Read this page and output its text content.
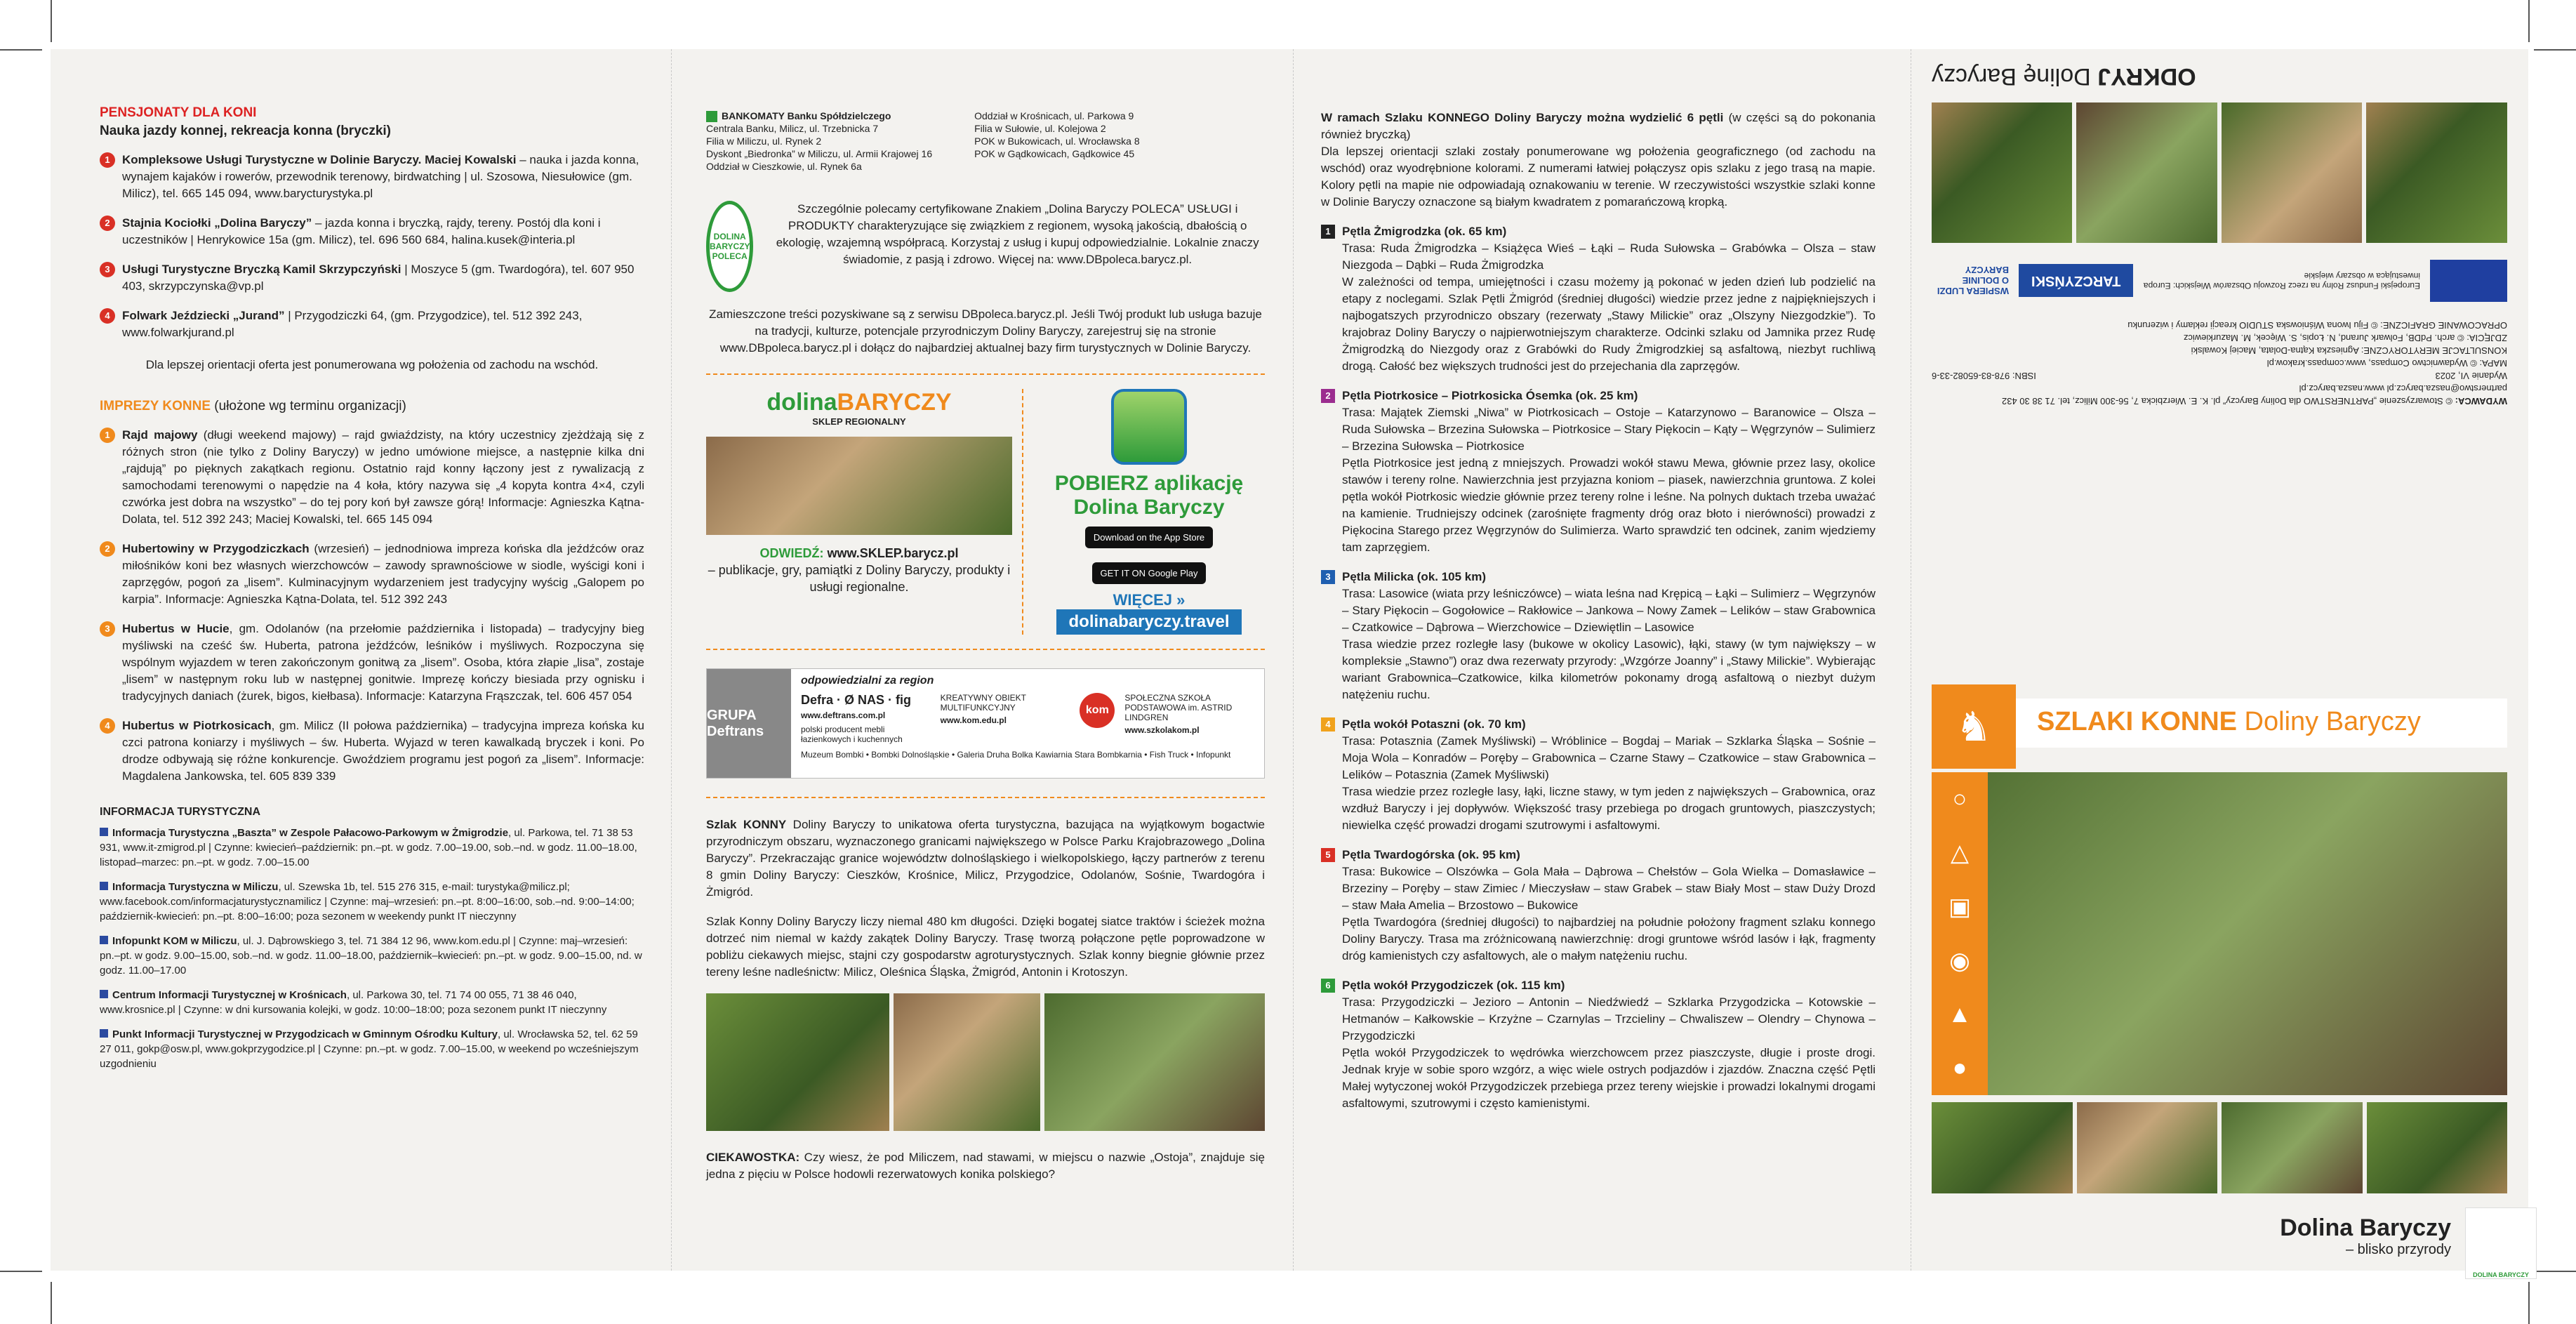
PENSJONATY DLA KONI
Nauka jazdy konnej, rekreacja konna (bryczki)
1	Kompleksowe Usługi Turystyczne w Dolinie Baryczy. Maciej Kowalski – nauka i jazda konna, wynajem kajaków i rowerów, przewodnik terenowy, birdwatching | ul. Szosowa, Niesułowice (gm. Milicz), tel. 665 145 094, www.barycturystyka.pl
2	Stajnia Kociołki „Dolina Baryczy” – jazda konna i bryczką, rajdy, tereny. Postój dla koni i uczestników | Henrykowice 15a (gm. Milicz), tel. 696 560 684, halina.kusek@interia.pl
3	Usługi Turystyczne Bryczką Kamil Skrzypczyński | Moszyce 5 (gm. Twardogóra), tel. 607 950 403, skrzypczynska@vp.pl
4	Folwark Jeździecki „Jurand” | Przygodziczki 64, (gm. Przygodzice), tel. 512 392 243, www.folwarkjurand.pl
Dla lepszej orientacji oferta jest ponumerowana wg położenia od zachodu na wschód.
IMPREZY KONNE (ułożone wg terminu organizacji)
1	Rajd majowy (długi weekend majowy) – rajd gwiaździsty, na który uczestnicy zjeżdżają się z różnych stron (nie tylko z Doliny Baryczy) w jedno umówione miejsce, a następnie kilka dni „rajdują” po pięknych zakątkach regionu. Ostatnio rajd konny łączony jest z rywalizacją z samochodami terenowymi o napędzie na 4 koła, który nazywa się „4 kopyta kontra 4×4, czyli czwórka jest dobra na wszystko” – do tej pory koń był zawsze górą! Informacje: Agnieszka Kątna-Dolata, tel. 512 392 243; Maciej Kowalski, tel. 665 145 094
2	Hubertowiny w Przygodziczkach (wrzesień) – jednodniowa impreza końska dla jeźdźców oraz miłośników koni bez własnych wierzchowców – zawody sprawnościowe w siodle, wyścigi koni i zaprzęgów, pogoń za „lisem”. Kulminacyjnym wydarzeniem jest tradycyjny wyścig „Galopem po karpia”. Informacje: Agnieszka Kątna-Dolata, tel. 512 392 243
3	Hubertus w Hucie, gm. Odolanów (na przełomie października i listopada) – tradycyjny bieg myśliwski na cześć św. Huberta, patrona jeźdźców, leśników i myśliwych. Rozpoczyna się wspólnym wyjazdem w teren zakończonym gonitwą za „lisem”. Osoba, która złapie „lisa”, zostaje „lisem” w następnym roku lub w następnej gonitwie. Imprezę kończy biesiada przy ognisku i tradycyjnych daniach (żurek, bigos, kiełbasa). Informacje: Katarzyna Frąszczak, tel. 606 457 054
4	Hubertus w Piotrkosicach, gm. Milicz (II połowa października) – tradycyjna impreza końska ku czci patrona koniarzy i myśliwych – św. Huberta. Wyjazd w teren kawalkadą bryczek i koni. Po drodze odbywają się różne konkurencje. Gwoździem programu jest pogoń za „lisem”. Informacje: Magdalena Jankowska, tel. 605 839 339
INFORMACJA TURYSTYCZNA
Informacja Turystyczna „Baszta” w Zespole Pałacowo-Parkowym w Żmigrodzie, ul. Parkowa, tel. 71 38 53 931, www.it-zmigrod.pl | Czynne: kwiecień–październik: pn.–pt. w godz. 7.00–19.00, sob.–nd. w godz. 11.00–18.00, listopad–marzec: pn.–pt. w godz. 7.00–15.00
Informacja Turystyczna w Miliczu, ul. Szewska 1b, tel. 515 276 315, e-mail: turystyka@milicz.pl; www.facebook.com/informacjaturystycznamilicz | Czynne: maj–wrzesień: pn.–pt. 8:00–16:00, sob.–nd. 9:00–14:00; październik-kwiecień: pn.–pt. 8:00–16:00; poza sezonem w weekendy punkt IT nieczynny
Infopunkt KOM w Miliczu, ul. J. Dąbrowskiego 3, tel. 71 384 12 96, www.kom.edu.pl | Czynne: maj–wrzesień: pn.–pt. w godz. 9.00–15.00, sob.–nd. w godz. 11.00–18.00, październik–kwiecień: pn.–pt. w godz. 9.00–15.00, nd. w godz. 11.00–17.00
Centrum Informacji Turystycznej w Krośnicach, ul. Parkowa 30, tel. 71 74 00 055, 71 38 46 040, www.krosnice.pl | Czynne: w dni kursowania kolejki, w godz. 10:00–18:00; poza sezonem punkt IT nieczynny
Punkt Informacji Turystycznej w Przygodzicach w Gminnym Ośrodku Kultury, ul. Wrocławska 52, tel. 62 59 27 011, gokp@osw.pl, www.gokprzygodzice.pl | Czynne: pn.–pt. w godz. 7.00–15.00, w weekend po wcześniejszym uzgodnieniu
BANKOMATY Banku Spółdzielczego
Centrala Banku, Milicz, ul. Trzebnicka 7
Filia w Miliczu, ul. Rynek 2
Dyskont „Biedronka” w Miliczu, ul. Armii Krajowej 16
Oddział w Cieszkowie, ul. Rynek 6a
Oddział w Krośnicach, ul. Parkowa 9
Filia w Sułowie, ul. Kolejowa 2
POK w Bukowicach, ul. Wrocławska 8
POK w Gądkowicach, Gądkowice 45
DOLINA BARYCZY POLECA
Szczególnie polecamy certyfikowane Znakiem „Dolina Baryczy POLECA” USŁUGI i PRODUKTY charakteryzujące się związkiem z regionem, wysoką jakością, dbałością o ekologię, wzajemną współpracą. Korzystaj z usług i kupuj odpowiedzialnie. Lokalnie znaczy świadomie, z pasją i zdrowo. Więcej na: www.DBpoleca.barycz.pl.
Zamieszczone treści pozyskiwane są z serwisu DBpoleca.barycz.pl. Jeśli Twój produkt lub usługa bazuje na tradycji, kulturze, potencjale przyrodniczym Doliny Baryczy, zarejestruj się na stronie www.DBpoleca.barycz.pl i dołącz do najbardziej aktualnej bazy firm turystycznych w Dolinie Baryczy.
dolinaBARYCZY
SKLEP REGIONALNY
ODWIEDŹ: www.SKLEP.barycz.pl
– publikacje, gry, pamiątki z Doliny Baryczy, produkty i usługi regionalne.
POBIERZ aplikację Dolina Baryczy
Download on the App StoreGET IT ON Google Play
WIĘCEJ »
dolinabaryczy.travel
GRUPA Deftrans
odpowiedzialni za region
Defra · Ø NAS · fig
www.deftrans.com.pl
polski producent mebli łazienkowych i kuchennych
KREATYWNY OBIEKT MULTIFUNKCYJNY
www.kom.edu.pl
kom
SPOŁECZNA SZKOŁA PODSTAWOWA im. ASTRID LINDGREN
www.szkolakom.pl
Muzeum Bombki • Bombki Dolnośląskie • Galeria Druha Bolka Kawiarnia Stara Bombkarnia • Fish Truck • Infopunkt
Szlak KONNY Doliny Baryczy to unikatowa oferta turystyczna, bazująca na wyjątkowym bogactwie przyrodniczym obszaru, wyznaczonego granicami największego w Polsce Parku Krajobrazowego „Dolina Baryczy”. Przekraczając granice województw dolnośląskiego i wielkopolskiego, łączy partnerów z terenu 8 gmin Doliny Baryczy: Cieszków, Krośnice, Milicz, Przygodzice, Odolanów, Sośnie, Twardogóra i Żmigród.
Szlak Konny Doliny Baryczy liczy niemal 480 km długości. Dzięki bogatej siatce traktów i ścieżek można dotrzeć nim niemal w każdy zakątek Doliny Baryczy. Trasę tworzą połączone pętle poprowadzone w pobliżu ciekawych miejsc, stajni czy gospodarstw agroturystycznych. Szlak konny biegnie głównie przez tereny leśne nadleśnictw: Milicz, Oleśnica Śląska, Żmigród, Antonin i Krotoszyn.
CIEKAWOSTKA: Czy wiesz, że pod Miliczem, nad stawami, w miejscu o nazwie „Ostoja”, znajduje się jedna z pięciu w Polsce hodowli rezerwatowych konika polskiego?
W ramach Szlaku KONNEGO Doliny Baryczy można wydzielić 6 pętli (w części są do pokonania również bryczką)
Dla lepszej orientacji szlaki zostały ponumerowane wg położenia geograficznego (od zachodu na wschód) oraz wyodrębnione kolorami. Z numerami łatwiej połączysz opis szlaku z jego trasą na mapie. Kolory pętli na mapie nie odpowiadają oznakowaniu w terenie. W rzeczywistości wszystkie szlaki konne w Dolinie Baryczy oznaczone są białym kwadratem z pomarańczową kropką.
1 Pętla Żmigrodzka (ok. 65 km)
Trasa: Ruda Żmigrodzka – Książęca Wieś – Łąki – Ruda Sułowska – Grabówka – Olsza – staw Niezgoda – Dąbki – Ruda Żmigrodzka
W zależności od tempa, umiejętności i czasu możemy ją pokonać w jeden dzień lub podzielić na etapy z noclegami. Szlak Pętli Żmigród (średniej długości) wiedzie przez jedne z najpiękniejszych i najbogatszych przyrodniczo obszary (rezerwaty „Stawy Milickie” oraz „Olszyny Niezgodzkie”). To krajobraz Doliny Baryczy o najpierwotniejszym charakterze. Odcinki szlaku od Jamnika przez Rudę Żmigrodzką do Niezgody oraz z Grabówki do Rudy Żmigrodzkiej są asfaltową, niezbyt ruchliwą drogą. Całość bez większych trudności jest do przejechania dla zaprzęgów.
2 Pętla Piotrkosice – Piotrkosicka Ósemka (ok. 25 km)
Trasa: Majątek Ziemski „Niwa” w Piotrkosicach – Ostoje – Katarzynowo – Baranowice – Olsza – Ruda Sułowska – Brzezina Sułowska – Piotrkosice – Stary Piękocin – Kąty – Węgrzynów – Sulimierz – Brzezina Sułowska – Piotrkosice
Pętla Piotrkosice jest jedną z mniejszych. Prowadzi wokół stawu Mewa, głównie przez lasy, okolice stawów i tereny rolne. Nawierzchnia jest przyjazna koniom – piasek, nawierzchnia gruntowa. Z kolei pętla wokół Piotrkosic wiedzie głównie przez tereny rolne i leśne. Na polnych duktach trzeba uważać na kamienie. Trudniejszy odcinek (zarośnięte fragmenty dróg oraz błoto i nierówności) prowadzi z Piękocina Starego przez Węgrzynów do Sulimierza. Warto sprawdzić ten odcinek, zanim wjedziemy tam zaprzęgiem.
3 Pętla Milicka (ok. 105 km)
Trasa: Lasowice (wiata przy leśniczówce) – wiata leśna nad Krępicą – Łąki – Sulimierz – Węgrzynów – Stary Piękocin – Gogołowice – Rakłowice – Jankowa – Nowy Zamek – Lelików – staw Grabownica – Czatkowice – Dąbrowa – Wierzchowice – Dziewiętlin – Lasowice
Trasa wiedzie przez rozległe lasy (bukowe w okolicy Lasowic), łąki, stawy (w tym największy – w kompleksie „Stawno”) oraz dwa rezerwaty przyrody: „Wzgórze Joanny” i „Stawy Milickie”. Wybierając wariant Grabownica–Czatkowice, kilka kilometrów pokonamy drogą asfaltową o niezbyt dużym natężeniu ruchu.
4 Pętla wokół Potaszni (ok. 70 km)
Trasa: Potasznia (Zamek Myśliwski) – Wróblinice – Bogdaj – Mariak – Szklarka Śląska – Sośnie – Moja Wola – Konradów – Poręby – Grabownica – Czarne Stawy – Czatkowice – staw Grabownica – Lelików – Potasznia (Zamek Myśliwski)
Trasa wiedzie przez rozległe lasy, łąki, liczne stawy, w tym jeden z największych – Grabownica, oraz wzdłuż Baryczy i jej dopływów. Większość trasy przebiega po drogach gruntowych, piaszczystych; niewielka część prowadzi drogami szutrowymi i asfaltowymi.
5 Pętla Twardogórska (ok. 95 km)
Trasa: Bukowice – Olszówka – Gola Mała – Dąbrowa – Chełstów – Gola Wielka – Domasławice – Brzeziny – Poręby – staw Zimiec / Mieczysław – staw Grabek – staw Biały Most – staw Duży Drozd – staw Mała Amelia – Brzostowo – Bukowice
Pętla Twardogóra (średniej długości) to najbardziej na południe położony fragment szlaku konnego Doliny Baryczy. Trasa ma zróżnicowaną nawierzchnię: drogi gruntowe wśród lasów i łąk, fragmenty dróg kamienistych czy asfaltowych, ale o małym natężeniu ruchu.
6 Pętla wokół Przygodziczek (ok. 115 km)
Trasa: Przygodziczki – Jezioro – Antonin – Niedźwiedź – Szklarka Przygodzicka – Kotowskie – Hetmanów – Kałkowskie – Krzyżne – Czarnylas – Trzcieliny – Chwaliszew – Olendry – Chynowa – Przygodziczki
Pętla wokół Przygodziczek to wędrówka wierzchowcem przez piaszczyste, długie i proste drogi. Jednak kryje w sobie sporo wzgórz, a więc wiele ostrych podjazdów i zjazdów. Znaczna część Pętli Małej wytyczonej wokół Przygodziczek przebiega przez tereny wiejskie i prowadzi lokalnymi drogami asfaltowymi, szutrowymi i często kamienistymi.
WYDAWCA: © Stowarzyszenie „PARTNERSTWO dla Doliny Baryczy” pl. K. E. Wierzbicka 7, 56-300 Milicz, tel. 71 38 30 432 partnerstwo@nasza.barycz.pl www.nasza.barycz.pl
Wydanie VI, 2023
ISBN: 978-83-65082-33-6
MAPA: © Wydawnictwo Compass, www.compass.krakow.pl
KONSULTACJE MERYTORYCZNE: Agnieszka Kątna-Dolata, Maciej Kowalski
ZDJĘCIA: © arch. PdDB, Folwark Jurand, N. Łopis, S. Więcek, M. Mazurkiewicz
OPRACOWANIE GRAFICZNE: © Fiju Iwona Wiśniowska STUDIO kreacji reklamy i wizerunku
Europejski Fundusz Rolny na rzecz Rozwoju Obszarów Wiejskich: Europa inwestująca w obszary wiejskie
TARCZYŃSKI
WSPIERA LUDZI O DOLINIE BARYCZY
ODKRYJ Dolinę Baryczy
♞	SZLAKI KONNE Doliny Baryczy
○
△
▣
◉
▲
●
Dolina Baryczy
– blisko przyrody
DOLINA BARYCZY
